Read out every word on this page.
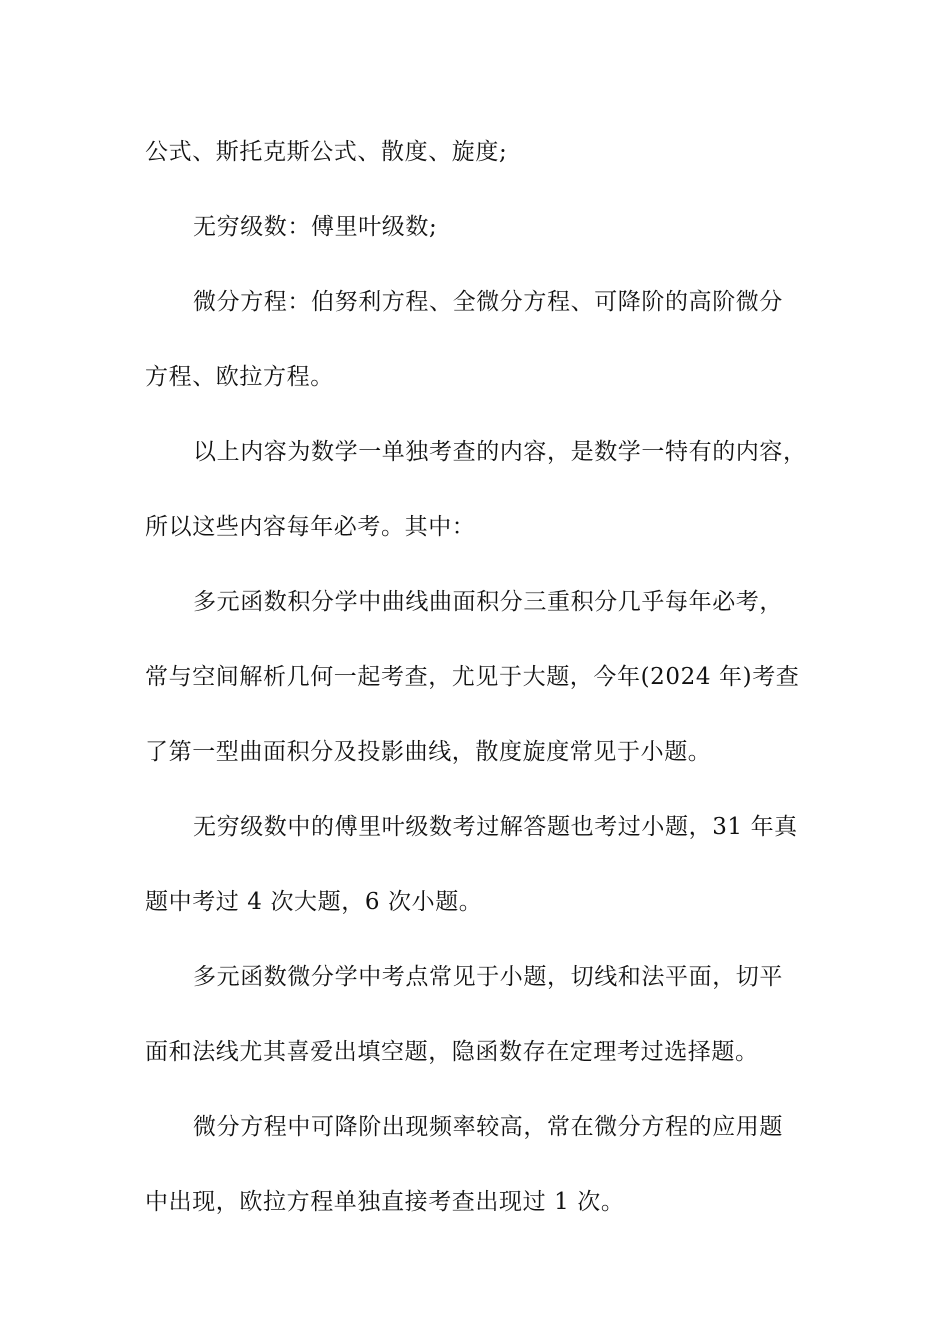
公式、斯托克斯公式、散度、旋度;
无穷级数：傅里叶级数;
微分方程：伯努利方程、全微分方程、可降阶的高阶微分
方程、欧拉方程。
以上内容为数学一单独考查的内容，是数学一特有的内容，
所以这些内容每年必考。其中：
多元函数积分学中曲线曲面积分三重积分几乎每年必考，
常与空间解析几何一起考查，尤见于大题，今年(2024 年)考查
了第一型曲面积分及投影曲线，散度旋度常见于小题。
无穷级数中的傅里叶级数考过解答题也考过小题，31 年真
题中考过 4 次大题，6 次小题。
多元函数微分学中考点常见于小题，切线和法平面，切平
面和法线尤其喜爱出填空题，隐函数存在定理考过选择题。
微分方程中可降阶出现频率较高，常在微分方程的应用题
中出现，欧拉方程单独直接考查出现过 1 次。
